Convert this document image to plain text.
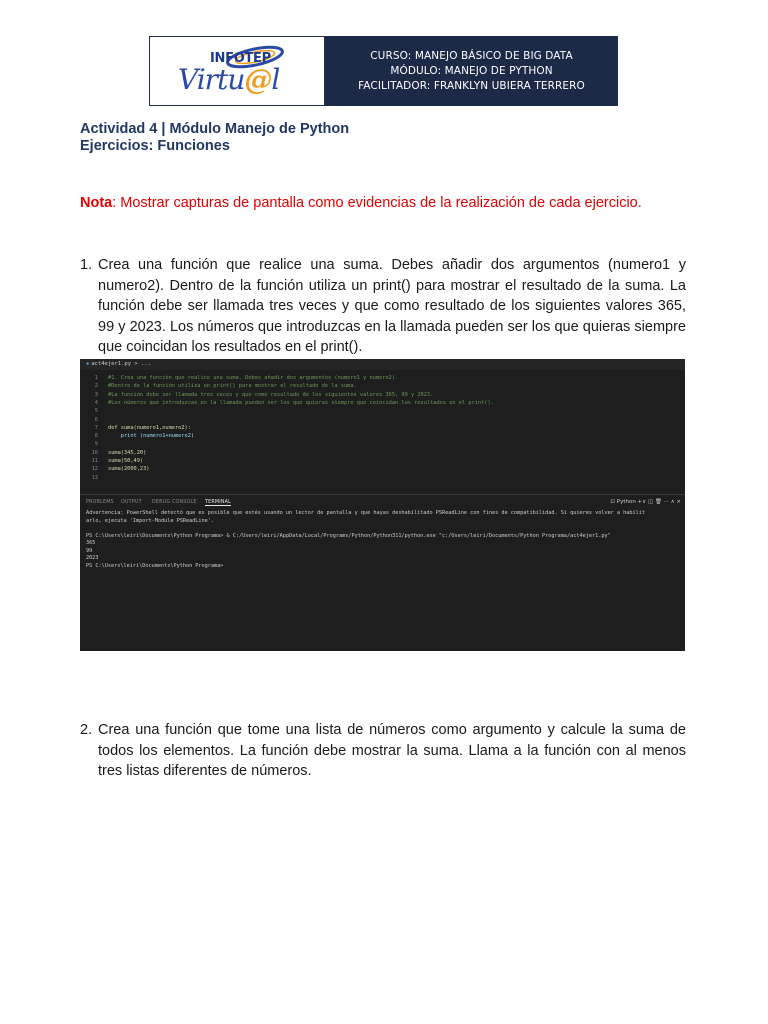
INFOTEP
Virtu@l
CURSO: MANEJO BÁSICO DE BIG DATA
MÓDULO: MANEJO DE PYTHON
FACILITADOR: FRANKLYN UBIERA TERRERO
Actividad 4 | Módulo Manejo de Python
Ejercicios: Funciones
Nota: Mostrar capturas de pantalla como evidencias de la realización de cada ejercicio.
1. Crea una función que realice una suma. Debes añadir dos argumentos (numero1 y numero2). Dentro de la función utiliza un print() para mostrar el resultado de la suma. La función debe ser llamada tres veces y que como resultado de los siguientes valores 365, 99 y 2023. Los números que introduzcas en la llamada pueden ser los que quieras siempre que coincidan los resultados en el print().
◆ act4ejer1.py > ...
1 #1. Crea una función que realice una suma. Debes añadir dos argumentos (numero1 y numero2).
2 #Dentro de la función utiliza un print() para mostrar el resultado de la suma.
3 #La función debe ser llamada tres veces y que como resultado de los siguientes valores 365, 99 y 2023.
4 #Los números que introduzcas en la llamada pueden ser los que quieras siempre que coincidan los resultados en el print().
5
6
7 def suma(numero1,numero2):
8 print (numero1+numero2)
9
10 suma(345,20)
11 suma(50,49)
12 suma(2000,23)
13
PROBLEMS OUTPUT DEBUG CONSOLE TERMINAL	⊡ Python +∨ ◫ 🗑 ··· ∧ ×
Advertencia: PowerShell detectó que es posible que estés usando un lector de pantalla y que hayas deshabilitado PSReadLine con fines de compatibilidad. Si quieres volver a habilit
arlo, ejecuta 'Import-Module PSReadLine'.
PS C:\Users\leiri\Documents\Python Programa> & C:/Users/leiri/AppData/Local/Programs/Python/Python311/python.exe "c:/Users/leiri/Documents/Python Programa/act4ejer1.py"
365
99
2023
PS C:\Users\leiri\Documents\Python Programa>
2. Crea una función que tome una lista de números como argumento y calcule la suma de todos los elementos. La función debe mostrar la suma. Llama a la función con al menos tres listas diferentes de números.
